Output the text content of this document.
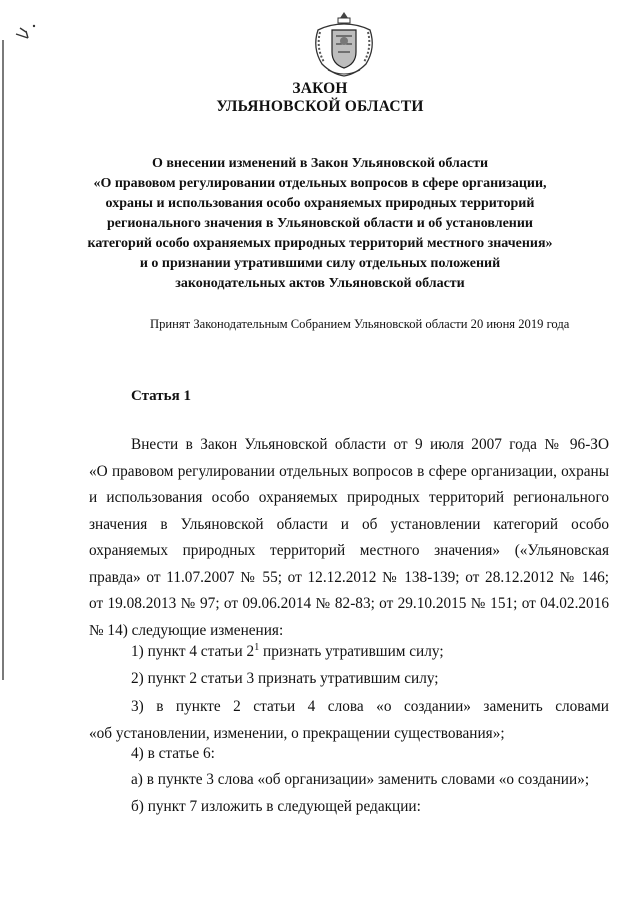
ЗАКОН
УЛЬЯНОВСКОЙ ОБЛАСТИ
О внесении изменений в Закон Ульяновской области
«О правовом регулировании отдельных вопросов в сфере организации,
охраны и использования особо охраняемых природных территорий
регионального значения в Ульяновской области и об установлении
категорий особо охраняемых природных территорий местного значения»
и о признании утратившими силу отдельных положений
законодательных актов Ульяновской области
Принят Законодательным Собранием Ульяновской области 20 июня 2019 года
Статья 1
Внести в Закон Ульяновской области от 9 июля 2007 года № 96-ЗО
«О правовом регулировании отдельных вопросов в сфере организации, охраны
и использования особо охраняемых природных территорий регионального
значения в Ульяновской области и об установлении категорий особо
охраняемых природных территорий местного значения» («Ульяновская
правда» от 11.07.2007 № 55; от 12.12.2012 № 138-139; от 28.12.2012 № 146;
от 19.08.2013 № 97; от 09.06.2014 № 82-83; от 29.10.2015 № 151; от 04.02.2016
№ 14) следующие изменения:
1) пункт 4 статьи $2^1$ признать утратившим силу;
2) пункт 2 статьи 3 признать утратившим силу;
3) в пункте 2 статьи 4 слова «о создании» заменить словами
«об установлении, изменении, о прекращении существования»;
4) в статье 6:
а) в пункте 3 слова «об организации» заменить словами «о создании»;
б) пункт 7 изложить в следующей редакции:
